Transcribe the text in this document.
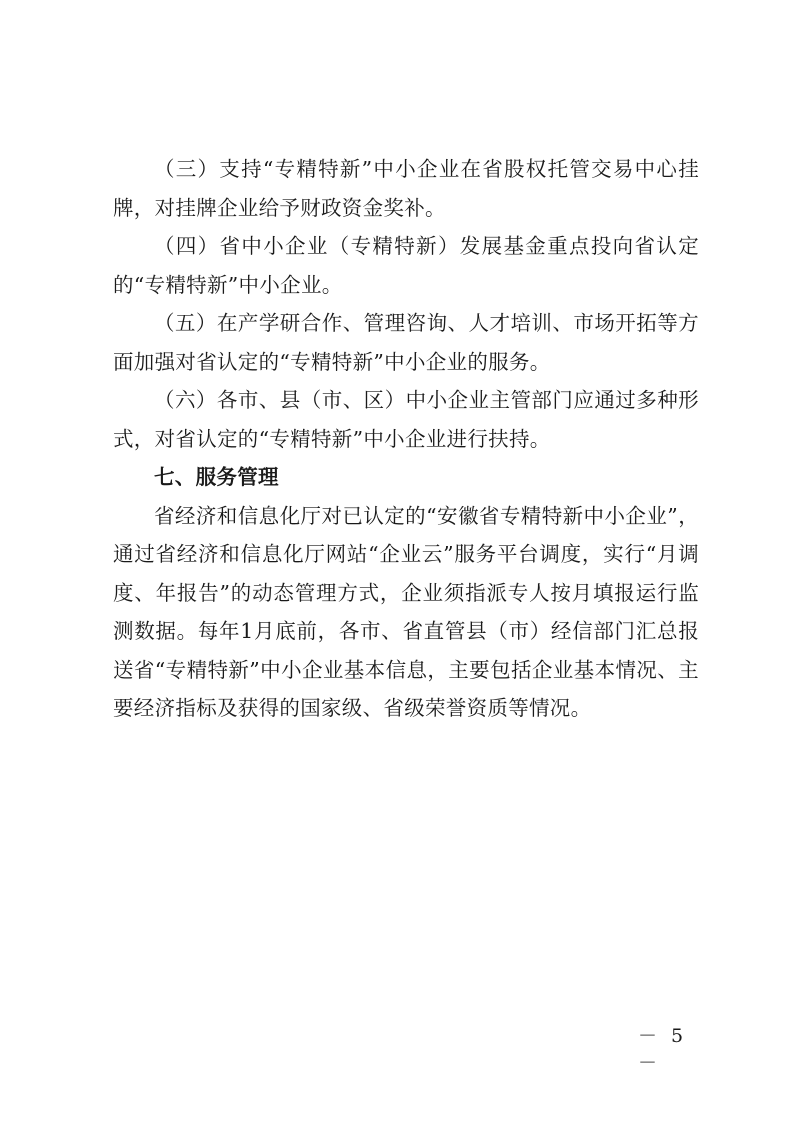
（三）支持“专精特新”中小企业在省股权托管交易中心挂牌，对挂牌企业给予财政资金奖补。

（四）省中小企业（专精特新）发展基金重点投向省认定的“专精特新”中小企业。

（五）在产学研合作、管理咨询、人才培训、市场开拓等方面加强对省认定的“专精特新”中小企业的服务。

（六）各市、县（市、区）中小企业主管部门应通过多种形式，对省认定的“专精特新”中小企业进行扶持。

七、服务管理

省经济和信息化厅对已认定的“安徽省专精特新中小企业”，通过省经济和信息化厅网站“企业云”服务平台调度，实行“月调度、年报告”的动态管理方式，企业须指派专人按月填报运行监测数据。每年1月底前，各市、省直管县（市）经信部门汇总报送省“专精特新”中小企业基本信息，主要包括企业基本情况、主要经济指标及获得的国家级、省级荣誉资质等情况。

－ 5 －
